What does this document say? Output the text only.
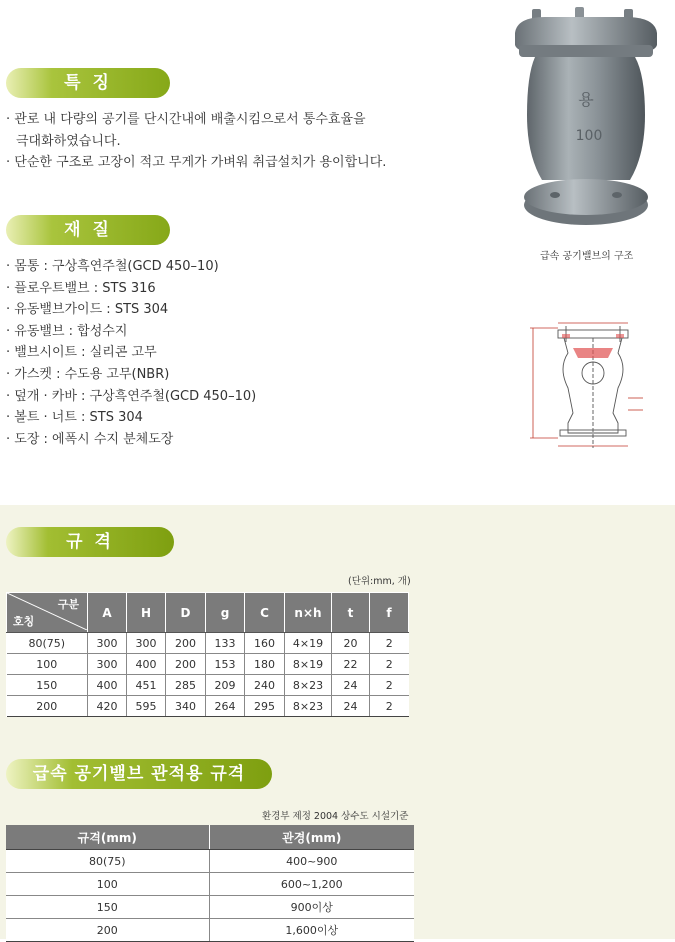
특 징
· 관로 내 다량의 공기를 단시간내에 배출시킴으로서 통수효율을
극대화하였습니다.
· 단순한 구조로 고장이 적고 무게가 가벼워 취급설치가 용이합니다.
재 질
· 몸통 : 구상흑연주철(GCD 450–10)
· 플로우트밸브 : STS 316
· 유동밸브가이드 : STS 304
· 유동밸브 : 합성수지
· 밸브시이트 : 실리콘 고무
· 가스켓 : 수도용 고무(NBR)
· 덮개 · 카바 : 구상흑연주철(GCD 450–10)
· 볼트 · 너트 : STS 304
· 도장 : 에폭시 수지 분체도장
용
100
급속 공기밸브의 구조
규 격
(단위:mm, 개)
구분
호칭	A	H	D	g	C	n×h	t	f
80(75)	300	300	200	133	160	4×19	20	2
100	300	400	200	153	180	8×19	22	2
150	400	451	285	209	240	8×23	24	2
200	420	595	340	264	295	8×23	24	2
급속 공기밸브 관적용 규격
환경부 제정 2004 상수도 시설기준
규격(mm)	관경(mm)
80(75)	400~900
100	600~1,200
150	900이상
200	1,600이상
